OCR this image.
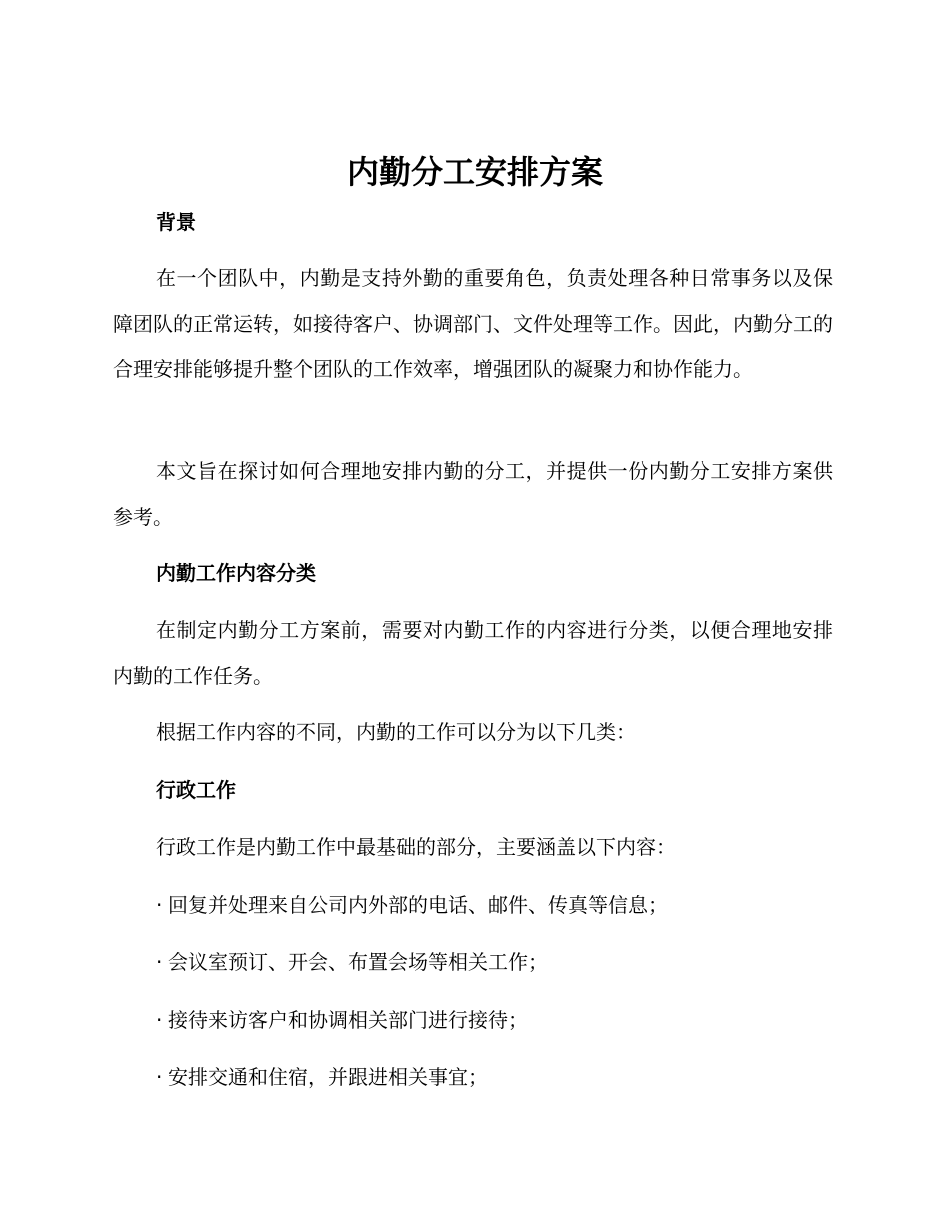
内勤分工安排方案
背景

在一个团队中，内勤是支持外勤的重要角色，负责处理各种日常事务以及保障团队的正常运转，如接待客户、协调部门、文件处理等工作。因此，内勤分工的合理安排能够提升整个团队的工作效率，增强团队的凝聚力和协作能力。

本文旨在探讨如何合理地安排内勤的分工，并提供一份内勤分工安排方案供参考。

内勤工作内容分类

在制定内勤分工方案前，需要对内勤工作的内容进行分类，以便合理地安排内勤的工作任务。

根据工作内容的不同，内勤的工作可以分为以下几类：

行政工作

行政工作是内勤工作中最基础的部分，主要涵盖以下内容：

· 回复并处理来自公司内外部的电话、邮件、传真等信息；

· 会议室预订、开会、布置会场等相关工作；

· 接待来访客户和协调相关部门进行接待；

· 安排交通和住宿，并跟进相关事宜；
